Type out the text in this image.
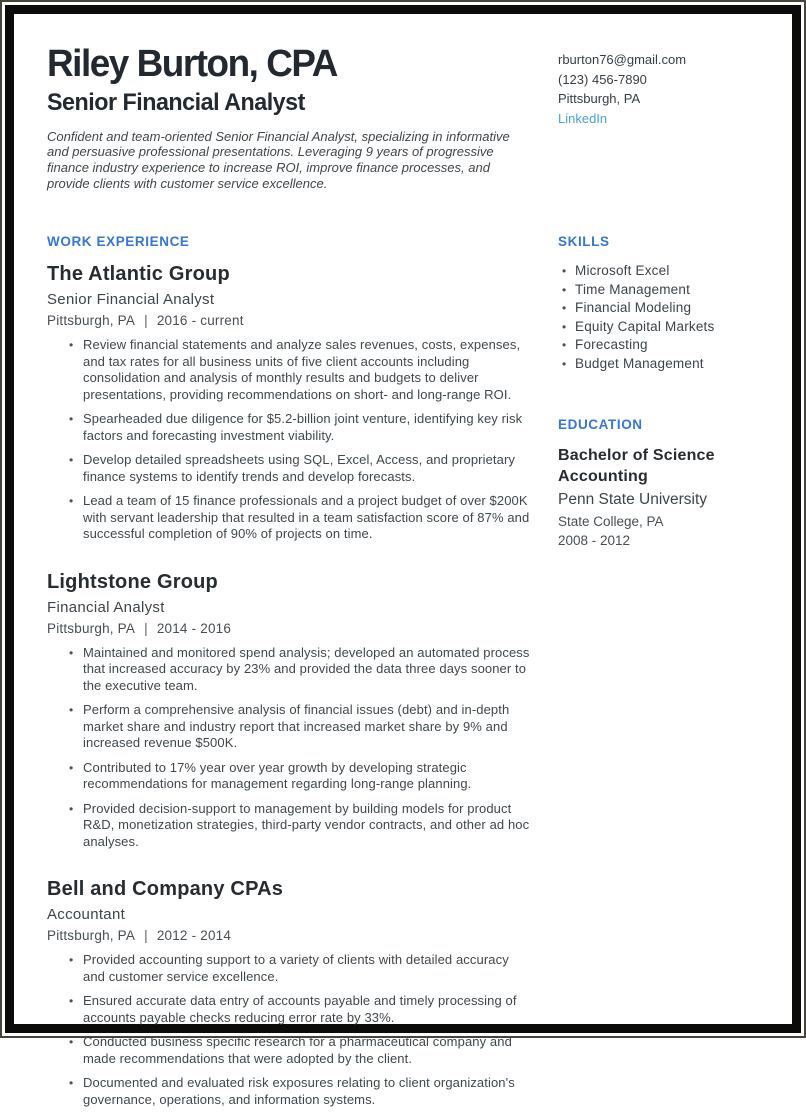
Riley Burton, CPA
Senior Financial Analyst
Confident and team-oriented Senior Financial Analyst, specializing in informative and persuasive professional presentations. Leveraging 9 years of progressive finance industry experience to increase ROI, improve finance processes, and provide clients with customer service excellence.
rburton76@gmail.com
(123) 456-7890
Pittsburgh, PA
LinkedIn
WORK EXPERIENCE
The Atlantic Group
Senior Financial Analyst
Pittsburgh, PA | 2016 - current
• Review financial statements and analyze sales revenues, costs, expenses, and tax rates for all business units of five client accounts including consolidation and analysis of monthly results and budgets to deliver presentations, providing recommendations on short- and long-range ROI.
• Spearheaded due diligence for $5.2-billion joint venture, identifying key risk factors and forecasting investment viability.
• Develop detailed spreadsheets using SQL, Excel, Access, and proprietary finance systems to identify trends and develop forecasts.
• Lead a team of 15 finance professionals and a project budget of over $200K with servant leadership that resulted in a team satisfaction score of 87% and successful completion of 90% of projects on time.
Lightstone Group
Financial Analyst
Pittsburgh, PA | 2014 - 2016
• Maintained and monitored spend analysis; developed an automated process that increased accuracy by 23% and provided the data three days sooner to the executive team.
• Perform a comprehensive analysis of financial issues (debt) and in-depth market share and industry report that increased market share by 9% and increased revenue $500K.
• Contributed to 17% year over year growth by developing strategic recommendations for management regarding long-range planning.
• Provided decision-support to management by building models for product R&D, monetization strategies, third-party vendor contracts, and other ad hoc analyses.
Bell and Company CPAs
Accountant
Pittsburgh, PA | 2012 - 2014
• Provided accounting support to a variety of clients with detailed accuracy and customer service excellence.
• Ensured accurate data entry of accounts payable and timely processing of accounts payable checks reducing error rate by 33%.
• Conducted business specific research for a pharmaceutical company and made recommendations that were adopted by the client.
• Documented and evaluated risk exposures relating to client organization's governance, operations, and information systems.
SKILLS
• Microsoft Excel
• Time Management
• Financial Modeling
• Equity Capital Markets
• Forecasting
• Budget Management
EDUCATION
Bachelor of Science Accounting
Penn State University
State College, PA
2008 - 2012
